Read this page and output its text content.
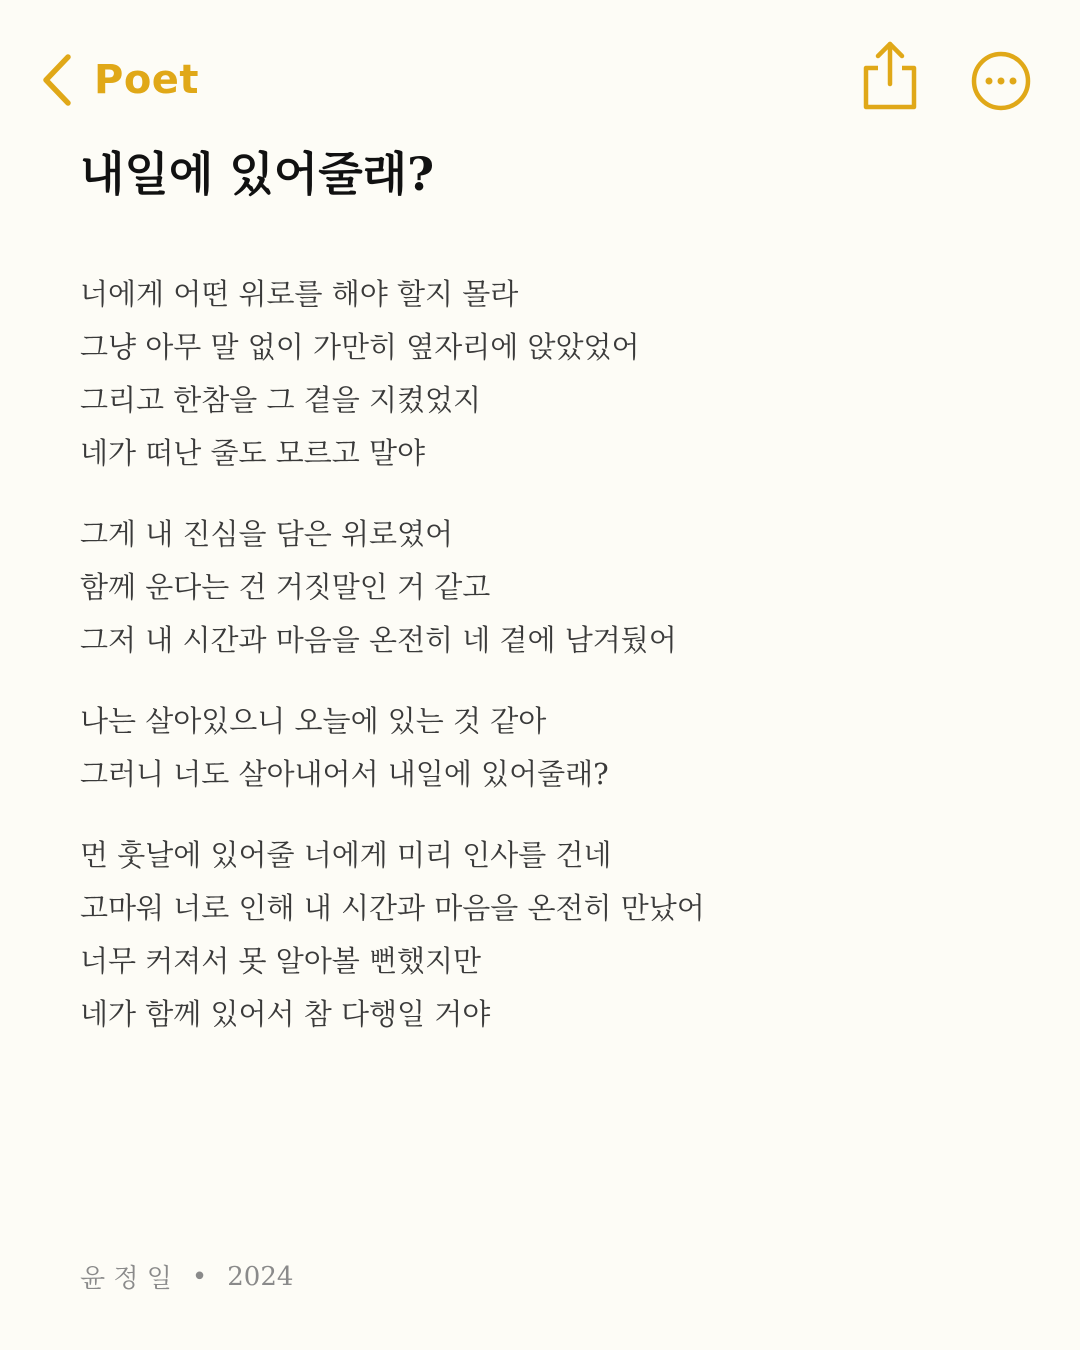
Poet
내일에 있어줄래?
너에게 어떤 위로를 해야 할지 몰라
그냥 아무 말 없이 가만히 옆자리에 앉았었어
그리고 한참을 그 곁을 지켰었지
네가 떠난 줄도 모르고 말야
그게 내 진심을 담은 위로였어
함께 운다는 건 거짓말인 거 같고
그저 내 시간과 마음을 온전히 네 곁에 남겨뒀어
나는 살아있으니 오늘에 있는 것 같아
그러니 너도 살아내어서 내일에 있어줄래?
먼 훗날에 있어줄 너에게 미리 인사를 건네
고마워 너로 인해 내 시간과 마음을 온전히 만났어
너무 커져서 못 알아볼 뻔했지만
네가 함께 있어서 참 다행일 거야
윤 정 일 • 2024
